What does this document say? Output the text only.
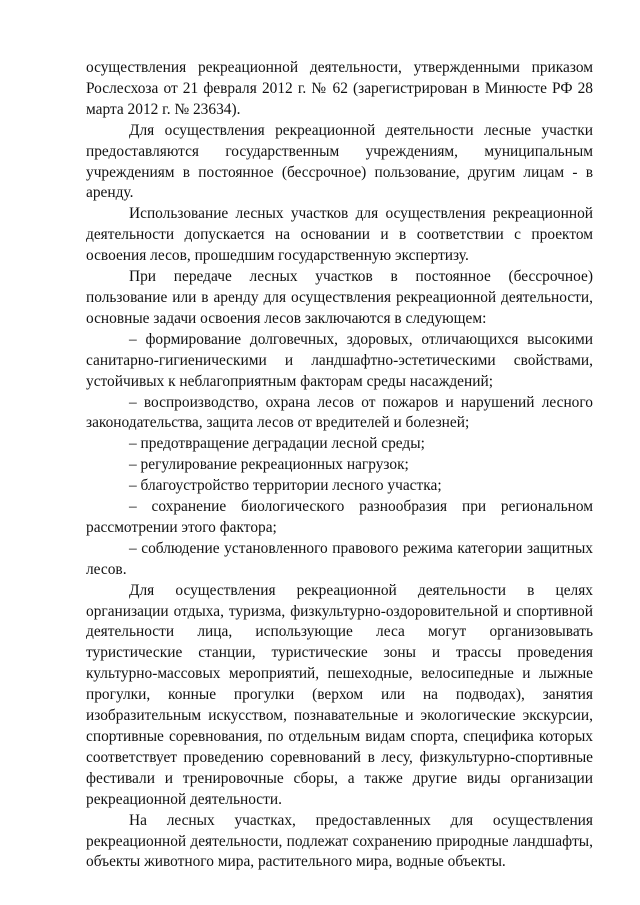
осуществления рекреационной деятельности, утвержденными приказом Рослесхоза от 21 февраля 2012 г. № 62 (зарегистрирован в Минюсте РФ 28 марта 2012 г. № 23634).

Для осуществления рекреационной деятельности лесные участки предоставляются государственным учреждениям, муниципальным учреждениям в постоянное (бессрочное) пользование, другим лицам - в аренду.

Использование лесных участков для осуществления рекреационной деятельности допускается на основании и в соответствии с проектом освоения лесов, прошедшим государственную экспертизу.

При передаче лесных участков в постоянное (бессрочное) пользование или в аренду для осуществления рекреационной деятельности, основные задачи освоения лесов заключаются в следующем:

– формирование долговечных, здоровых, отличающихся высокими санитарно-гигиеническими и ландшафтно-эстетическими свойствами, устойчивых к неблагоприятным факторам среды насаждений;

– воспроизводство, охрана лесов от пожаров и нарушений лесного законодательства, защита лесов от вредителей и болезней;

– предотвращение деградации лесной среды;

– регулирование рекреационных нагрузок;

– благоустройство территории лесного участка;

– сохранение биологического разнообразия при региональном рассмотрении этого фактора;

– соблюдение установленного правового режима категории защитных лесов.

Для осуществления рекреационной деятельности в целях организации отдыха, туризма, физкультурно-оздоровительной и спортивной деятельности лица, использующие леса могут организовывать туристические станции, туристические зоны и трассы проведения культурно-массовых мероприятий, пешеходные, велосипедные и лыжные прогулки, конные прогулки (верхом или на подводах), занятия изобразительным искусством, познавательные и экологические экскурсии, спортивные соревнования, по отдельным видам спорта, специфика которых соответствует проведению соревнований в лесу, физкультурно-спортивные фестивали и тренировочные сборы, а также другие виды организации рекреационной деятельности.

На лесных участках, предоставленных для осуществления рекреационной деятельности, подлежат сохранению природные ландшафты, объекты животного мира, растительного мира, водные объекты.
